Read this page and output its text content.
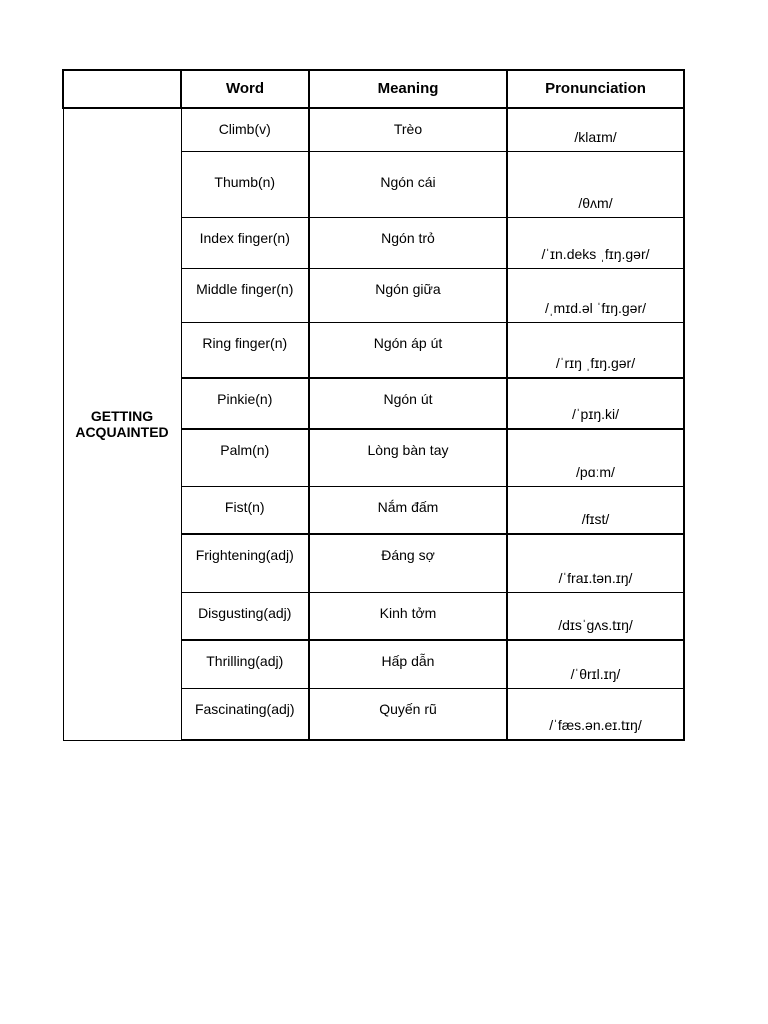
	Word	Meaning	Pronunciation
GETTING
ACQUAINTED	Climb(v)	Trèo	/klaɪm/

	Thumb(n)	Ngón cái	/θʌm/

	Index finger(n)	Ngón trỏ	/ˈɪn.deks ˌfɪŋ.ɡər/

	Middle finger(n)	Ngón giữa	/ˌmɪd.əl ˈfɪŋ.ɡər/

	Ring finger(n)	Ngón áp út	/ˈrɪŋ ˌfɪŋ.ɡər/

	Pinkie(n)	Ngón út	/ˈpɪŋ.ki/

	Palm(n)	Lòng bàn tay	/pɑːm/

	Fist(n)	Nắm đấm	/fɪst/

	Frightening(adj)	Đáng sợ	/ˈfraɪ.tən.ɪŋ/

	Disgusting(adj)	Kinh tởm	/dɪsˈɡʌs.tɪŋ/

	Thrilling(adj)	Hấp dẫn	/ˈθrɪl.ɪŋ/

	Fascinating(adj)	Quyến rũ	/ˈfæs.ən.eɪ.tɪŋ/
